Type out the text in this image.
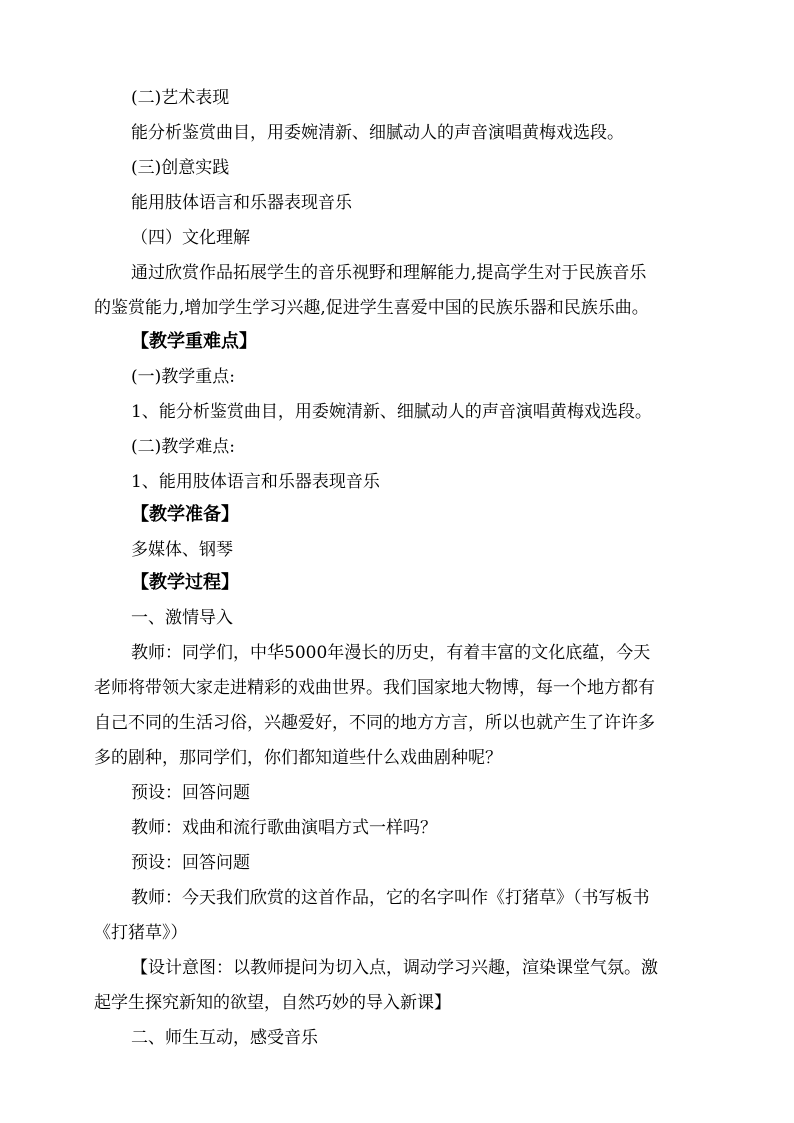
(二)艺术表现
能分析鉴赏曲目，用委婉清新、细腻动人的声音演唱黄梅戏选段。
(三)创意实践
能用肢体语言和乐器表现音乐
（四）文化理解
通过欣赏作品拓展学生的音乐视野和理解能力,提高学生对于民族音乐
的鉴赏能力,增加学生学习兴趣,促进学生喜爱中国的民族乐器和民族乐曲。
【教学重难点】
(一)教学重点:
1、能分析鉴赏曲目，用委婉清新、细腻动人的声音演唱黄梅戏选段。
(二)教学难点:
1、能用肢体语言和乐器表现音乐
【教学准备】
多媒体、钢琴
【教学过程】
一、激情导入
教师：同学们，中华5000年漫长的历史，有着丰富的文化底蕴，今天
老师将带领大家走进精彩的戏曲世界。我们国家地大物博，每一个地方都有
自己不同的生活习俗，兴趣爱好，不同的地方方言，所以也就产生了许许多
多的剧种，那同学们，你们都知道些什么戏曲剧种呢？
预设：回答问题
教师：戏曲和流行歌曲演唱方式一样吗？
预设：回答问题
教师：今天我们欣赏的这首作品，它的名字叫作《打猪草》（书写板书
《打猪草》）
【设计意图：以教师提问为切入点，调动学习兴趣，渲染课堂气氛。激
起学生探究新知的欲望，自然巧妙的导入新课】
二、师生互动，感受音乐
